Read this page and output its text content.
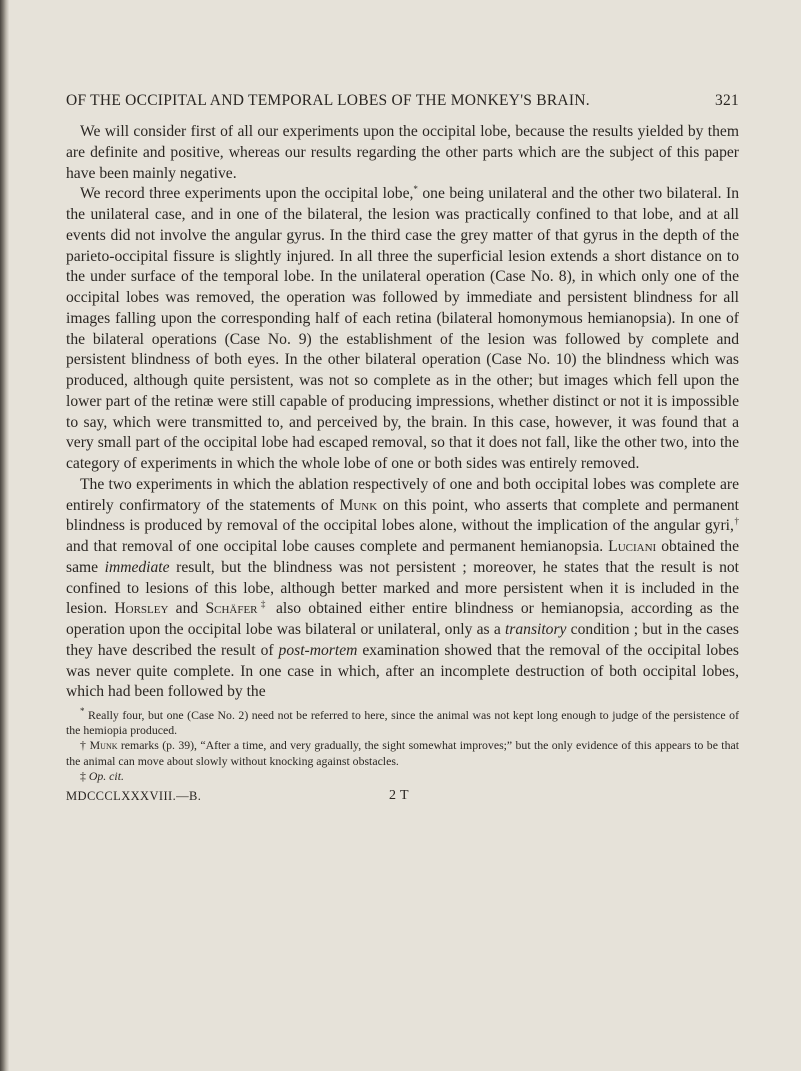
OF THE OCCIPITAL AND TEMPORAL LOBES OF THE MONKEY'S BRAIN.	321

We will consider first of all our experiments upon the occipital lobe, because the results yielded by them are definite and positive, whereas our results regarding the other parts which are the subject of this paper have been mainly negative.

We record three experiments upon the occipital lobe,* one being unilateral and the other two bilateral. In the unilateral case, and in one of the bilateral, the lesion was practically confined to that lobe, and at all events did not involve the angular gyrus. In the third case the grey matter of that gyrus in the depth of the parieto-occipital fissure is slightly injured. In all three the superficial lesion extends a short distance on to the under surface of the temporal lobe. In the unilateral operation (Case No. 8), in which only one of the occipital lobes was removed, the operation was followed by immediate and persistent blindness for all images falling upon the corresponding half of each retina (bilateral homonymous hemianopsia). In one of the bilateral operations (Case No. 9) the establishment of the lesion was followed by complete and persistent blindness of both eyes. In the other bilateral operation (Case No. 10) the blindness which was produced, although quite persistent, was not so complete as in the other; but images which fell upon the lower part of the retinæ were still capable of producing impressions, whether distinct or not it is impossible to say, which were transmitted to, and perceived by, the brain. In this case, however, it was found that a very small part of the occipital lobe had escaped removal, so that it does not fall, like the other two, into the category of experiments in which the whole lobe of one or both sides was entirely removed.

The two experiments in which the ablation respectively of one and both occipital lobes was complete are entirely confirmatory of the statements of Munk on this point, who asserts that complete and permanent blindness is produced by removal of the occipital lobes alone, without the implication of the angular gyri,† and that removal of one occipital lobe causes complete and permanent hemianopsia. Luciani obtained the same immediate result, but the blindness was not persistent ; moreover, he states that the result is not confined to lesions of this lobe, although better marked and more persistent when it is included in the lesion. Horsley and Schäfer‡ also obtained either entire blindness or hemianopsia, according as the operation upon the occipital lobe was bilateral or unilateral, only as a transitory condition ; but in the cases they have described the result of post-mortem examination showed that the removal of the occipital lobes was never quite complete. In one case in which, after an incomplete destruction of both occipital lobes, which had been followed by the

* Really four, but one (Case No. 2) need not be referred to here, since the animal was not kept long enough to judge of the persistence of the hemiopia produced.

† Munk remarks (p. 39), “After a time, and very gradually, the sight somewhat improves;” but the only evidence of this appears to be that the animal can move about slowly without knocking against obstacles.

‡ Op. cit.

MDCCCLXXXVIII.—B.	2 T
